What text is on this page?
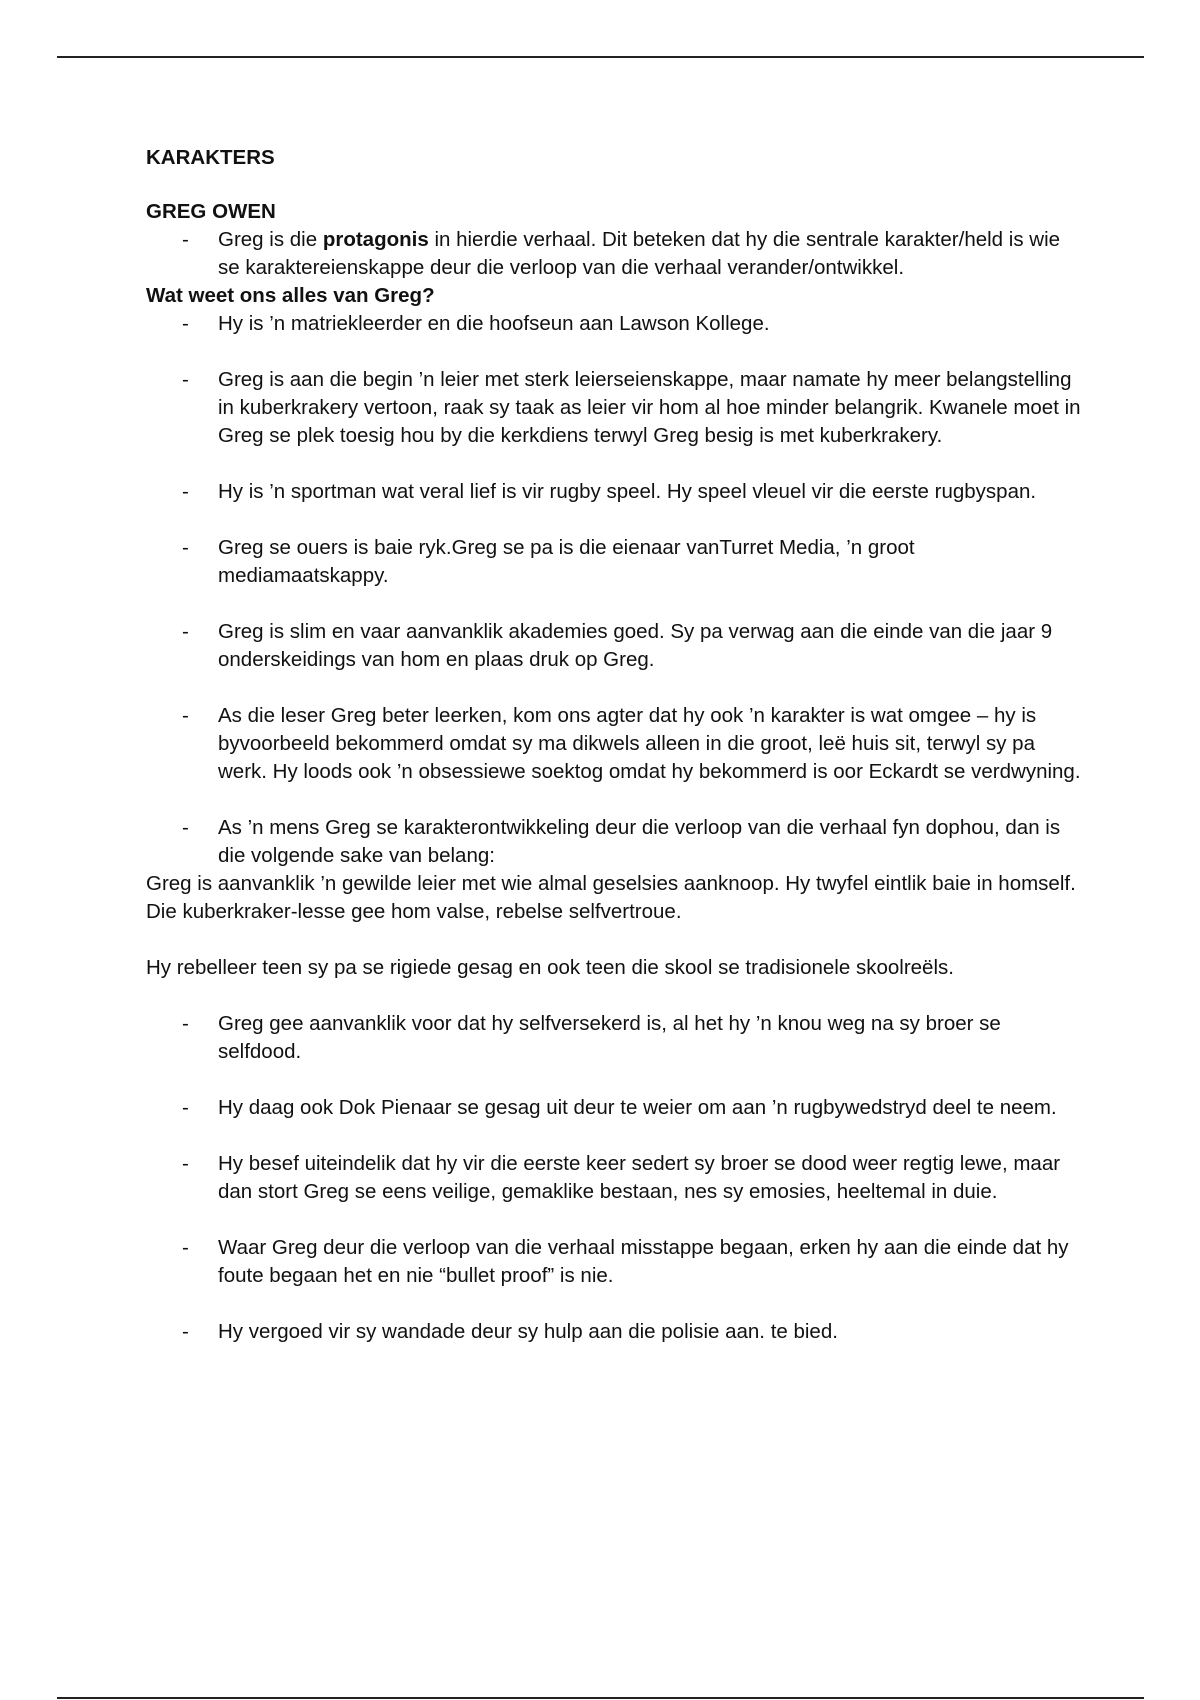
KARAKTERS

GREG OWEN

- Greg is die protagonis in hierdie verhaal. Dit beteken dat hy die sentrale karakter/held is wie se karaktereienskappe deur die verloop van die verhaal verander/ontwikkel.

Wat weet ons alles van Greg?

- Hy is ’n matriekleerder en die hoofseun aan Lawson Kollege.
- Greg is aan die begin ’n leier met sterk leierseienskappe, maar namate hy meer belangstelling in kuberkrakery vertoon, raak sy taak as leier vir hom al hoe minder belangrik. Kwanele moet in Greg se plek toesig hou by die kerkdiens terwyl Greg besig is met kuberkrakery.
- Hy is ’n sportman wat veral lief is vir rugby speel. Hy speel vleuel vir die eerste rugbyspan.
- Greg se ouers is baie ryk.Greg se pa is die eienaar vanTurret Media, ’n groot mediamaatskappy.
- Greg is slim en vaar aanvanklik akademies goed. Sy pa verwag aan die einde van die jaar 9 onderskeidings van hom en plaas druk op Greg.
- As die leser Greg beter leerken, kom ons agter dat hy ook ’n karakter is wat omgee – hy is byvoorbeeld bekommerd omdat sy ma dikwels alleen in die groot, leë huis sit, terwyl sy pa werk. Hy loods ook ’n obsessiewe soektog omdat hy bekommerd is oor Eckardt se verdwyning.
- As ’n mens Greg se karakterontwikkeling deur die verloop van die verhaal fyn dophou, dan is die volgende sake van belang:

Greg is aanvanklik ’n gewilde leier met wie almal geselsies aanknoop. Hy twyfel eintlik baie in homself. Die kuberkraker-lesse gee hom valse, rebelse selfvertroue.

Hy rebelleer teen sy pa se rigiede gesag en ook teen die skool se tradisionele skoolreëls.

- Greg gee aanvanklik voor dat hy selfversekerd is, al het hy ’n knou weg na sy broer se selfdood.
- Hy daag ook Dok Pienaar se gesag uit deur te weier om aan ’n rugbywedstryd deel te neem.
- Hy besef uiteindelik dat hy vir die eerste keer sedert sy broer se dood weer regtig lewe, maar dan stort Greg se eens veilige, gemaklike bestaan, nes sy emosies, heeltemal in duie.
- Waar Greg deur die verloop van die verhaal misstappe begaan, erken hy aan die einde dat hy foute begaan het en nie “bullet proof” is nie.
- Hy vergoed vir sy wandade deur sy hulp aan die polisie aan. te bied.
